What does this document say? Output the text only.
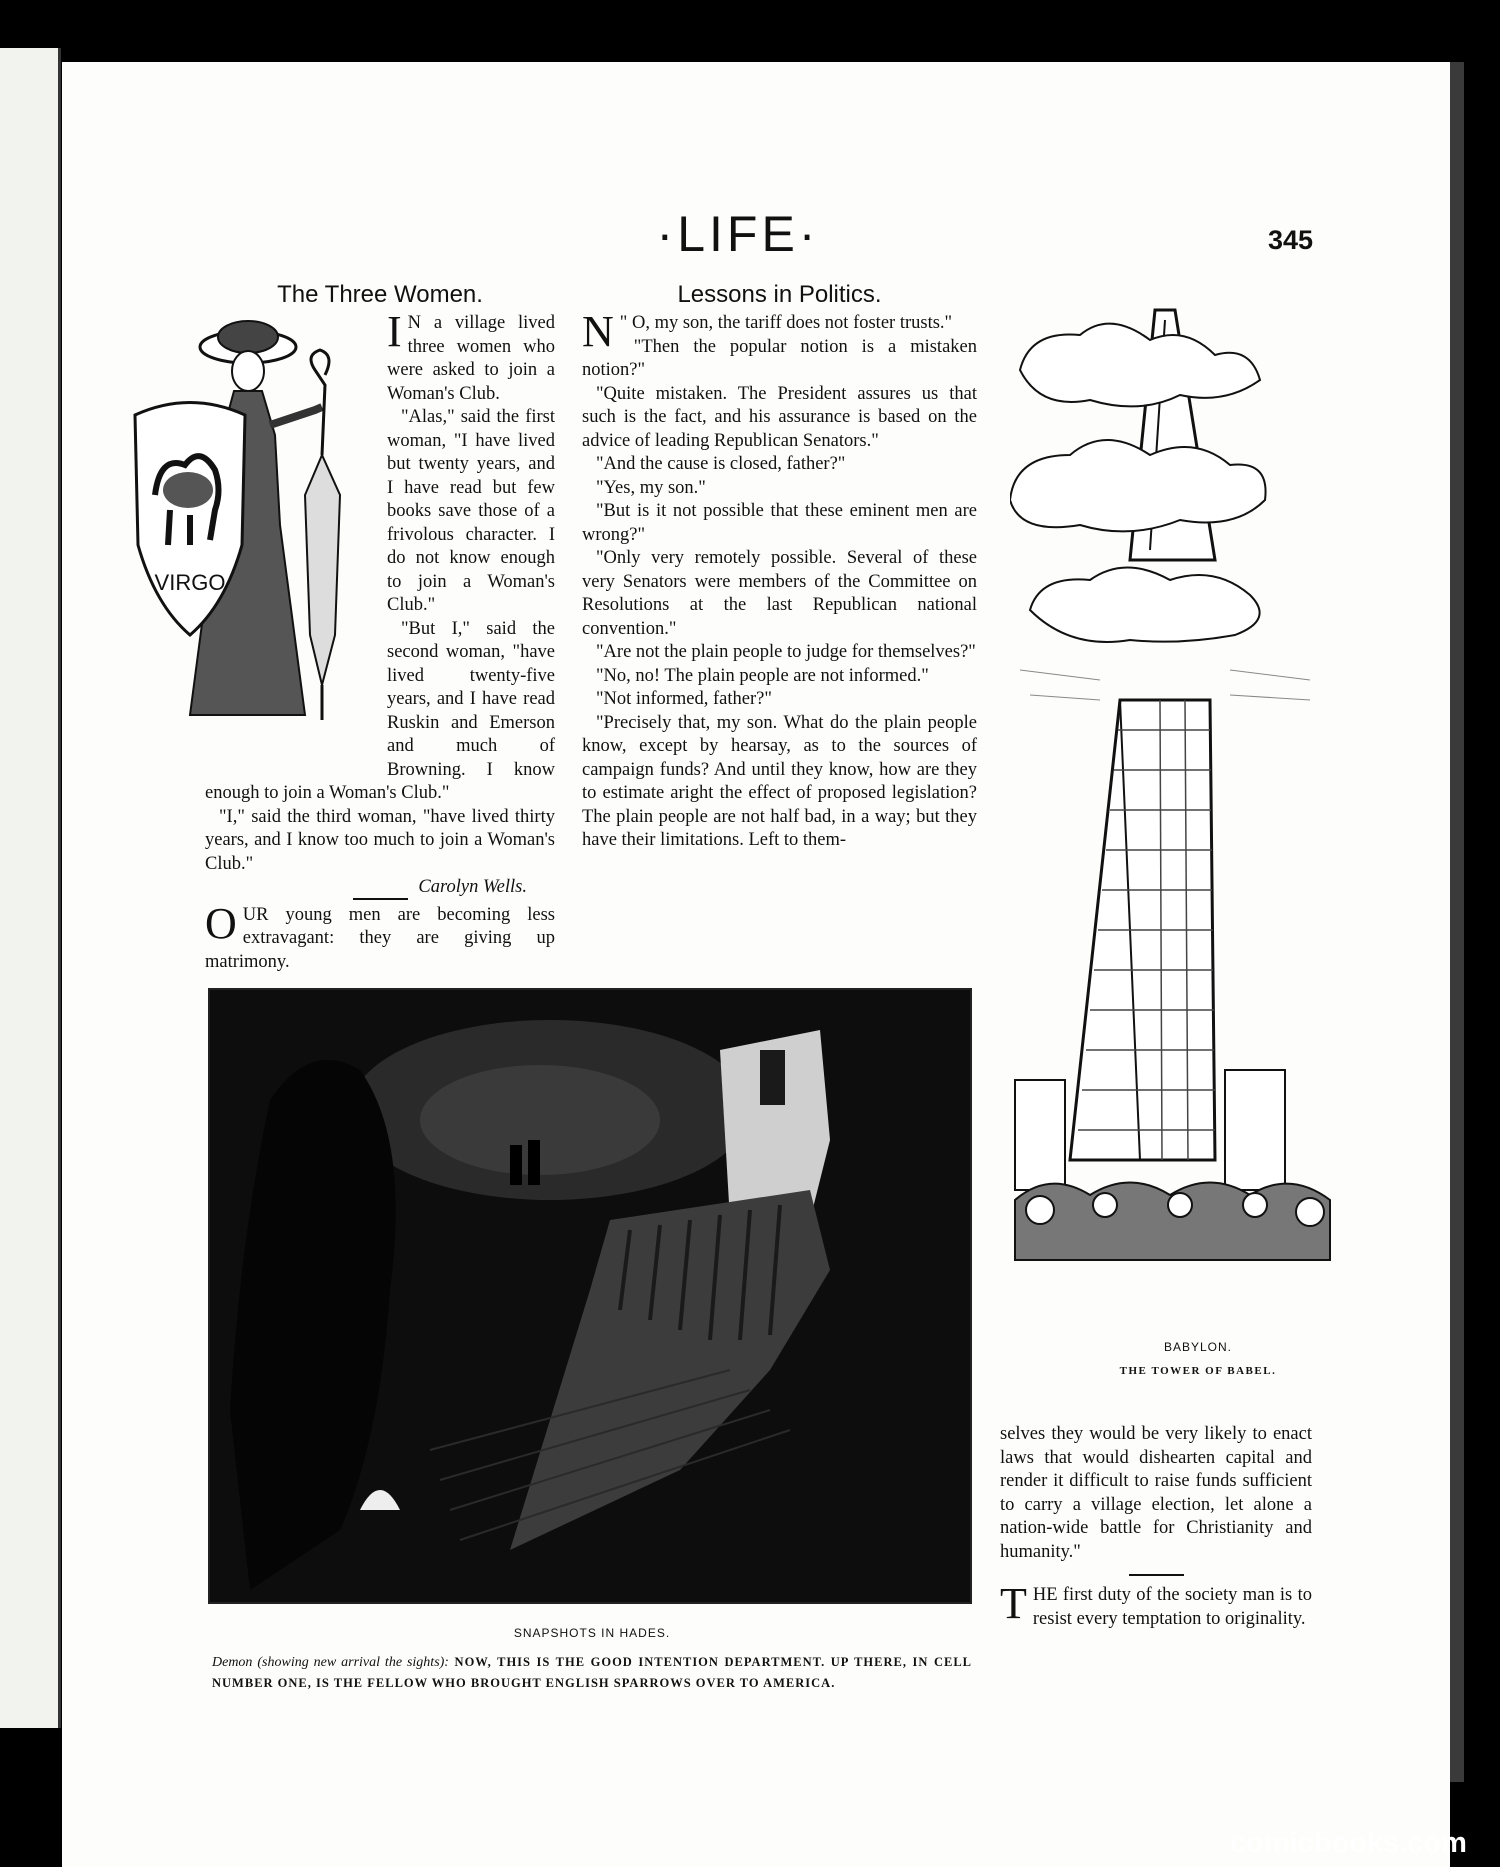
·LIFE·	345
The Three Women.

I N a village lived three women who were asked to join a Woman's Club.

"Alas," said the first woman, "I have lived but twenty years, and I have read but few books save those of a frivolous character. I do not know enough to join a Woman's Club."

"But I," said the second woman, "have lived twenty-five years, and I have read Ruskin and Emerson and much of Browning. I know enough to join a Woman's Club."

"I," said the third woman, "have lived thirty years, and I know too much to join a Woman's Club."

Carolyn Wells.

OUR young men are becoming less extravagant: they are giving up matrimony.

VIRGO
Lessons in Politics.

N " O, my son, the tariff does not foster trusts."

"Then the popular notion is a mistaken notion?"

"Quite mistaken. The President assures us that such is the fact, and his assurance is based on the advice of leading Republican Senators."

"And the cause is closed, father?"

"Yes, my son."

"But is it not possible that these eminent men are wrong?"

"Only very remotely possible. Several of these very Senators were members of the Committee on Resolutions at the last Republican national convention."

"Are not the plain people to judge for themselves?"

"No, no! The plain people are not informed."

"Not informed, father?"

"Precisely that, my son. What do the plain people know, except by hearsay, as to the sources of campaign funds? And until they know, how are they to estimate aright the effect of proposed legislation? The plain people are not half bad, in a way; but they have their limitations. Left to them-

BABYLON.
THE TOWER OF BABEL.

selves they would be very likely to enact laws that would dishearten capital and render it difficult to raise funds sufficient to carry a village election, let alone a nation-wide battle for Christianity and humanity."

THE first duty of the society man is to resist every temptation to originality.

SNAPSHOTS IN HADES.
Demon (showing new arrival the sights): NOW, THIS IS THE GOOD INTENTION DEPARTMENT. UP THERE, IN CELL NUMBER ONE, IS THE FELLOW WHO BROUGHT ENGLISH SPARROWS OVER TO AMERICA.
comicbooks.com
